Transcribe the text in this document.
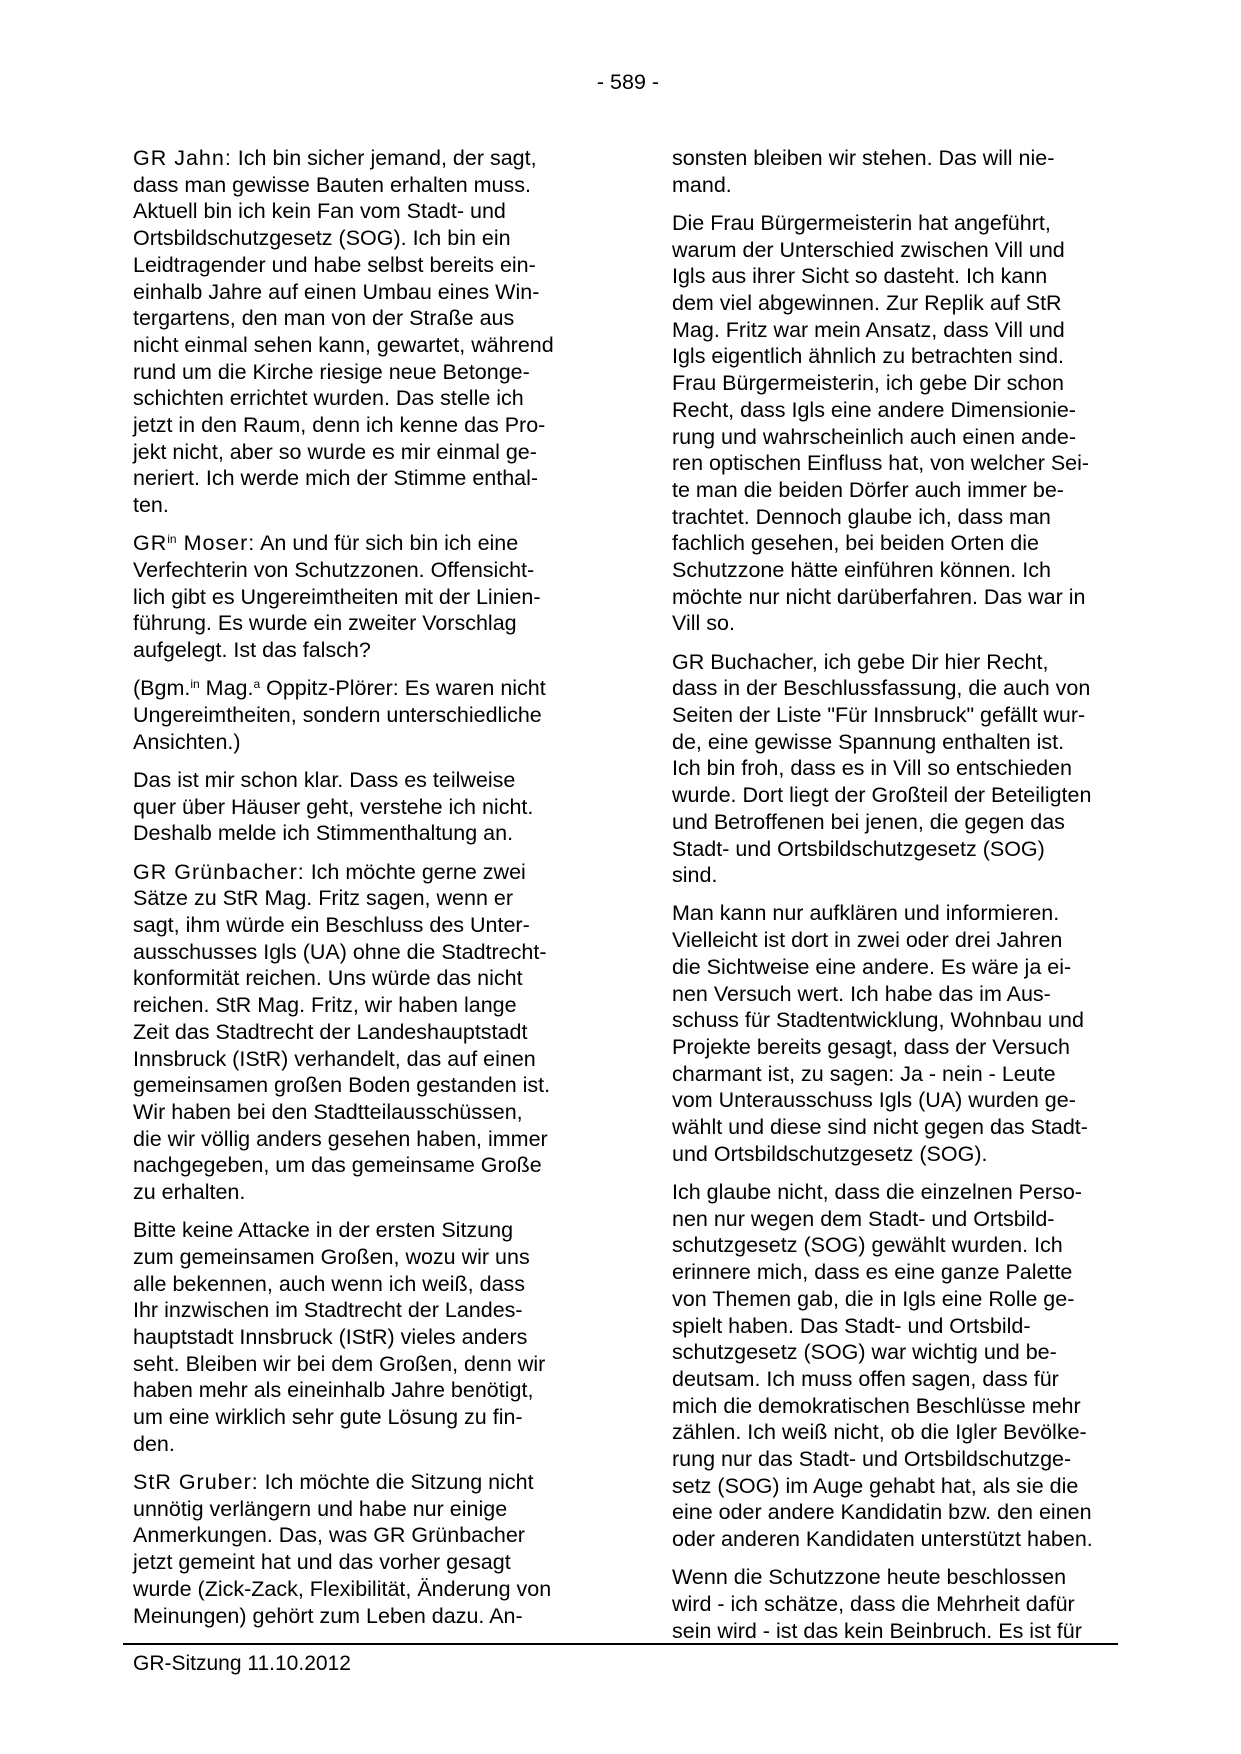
- 589 -

GR Jahn: Ich bin sicher jemand, der sagt,
dass man gewisse Bauten erhalten muss.
Aktuell bin ich kein Fan vom Stadt- und
Ortsbildschutzgesetz (SOG). Ich bin ein
Leidtragender und habe selbst bereits ein-
einhalb Jahre auf einen Umbau eines Win-
tergartens, den man von der Straße aus
nicht einmal sehen kann, gewartet, während
rund um die Kirche riesige neue Betonge-
schichten errichtet wurden. Das stelle ich
jetzt in den Raum, denn ich kenne das Pro-
jekt nicht, aber so wurde es mir einmal ge-
neriert. Ich werde mich der Stimme enthal-
ten.

$GR^{in}$ Moser: An und für sich bin ich eine
Verfechterin von Schutzzonen. Offensicht-
lich gibt es Ungereimtheiten mit der Linien-
führung. Es wurde ein zweiter Vorschlag
aufgelegt. Ist das falsch?

(Bgm.$^{in}$ Mag.$^a$ Oppitz-Plörer: Es waren nicht
Ungereimtheiten, sondern unterschiedliche
Ansichten.)

Das ist mir schon klar. Dass es teilweise
quer über Häuser geht, verstehe ich nicht.
Deshalb melde ich Stimmenthaltung an.

GR Grünbacher: Ich möchte gerne zwei
Sätze zu StR Mag. Fritz sagen, wenn er
sagt, ihm würde ein Beschluss des Unter-
ausschusses Igls (UA) ohne die Stadtrecht-
konformität reichen. Uns würde das nicht
reichen. StR Mag. Fritz, wir haben lange
Zeit das Stadtrecht der Landeshauptstadt
Innsbruck (IStR) verhandelt, das auf einen
gemeinsamen großen Boden gestanden ist.
Wir haben bei den Stadtteilausschüssen,
die wir völlig anders gesehen haben, immer
nachgegeben, um das gemeinsame Große
zu erhalten.

Bitte keine Attacke in der ersten Sitzung
zum gemeinsamen Großen, wozu wir uns
alle bekennen, auch wenn ich weiß, dass
Ihr inzwischen im Stadtrecht der Landes-
hauptstadt Innsbruck (IStR) vieles anders
seht. Bleiben wir bei dem Großen, denn wir
haben mehr als eineinhalb Jahre benötigt,
um eine wirklich sehr gute Lösung zu fin-
den.

StR Gruber: Ich möchte die Sitzung nicht
unnötig verlängern und habe nur einige
Anmerkungen. Das, was GR Grünbacher
jetzt gemeint hat und das vorher gesagt
wurde (Zick-Zack, Flexibilität, Änderung von
Meinungen) gehört zum Leben dazu. An-

sonsten bleiben wir stehen. Das will nie-
mand.

Die Frau Bürgermeisterin hat angeführt,
warum der Unterschied zwischen Vill und
Igls aus ihrer Sicht so dasteht. Ich kann
dem viel abgewinnen. Zur Replik auf StR
Mag. Fritz war mein Ansatz, dass Vill und
Igls eigentlich ähnlich zu betrachten sind.
Frau Bürgermeisterin, ich gebe Dir schon
Recht, dass Igls eine andere Dimensionie-
rung und wahrscheinlich auch einen ande-
ren optischen Einfluss hat, von welcher Sei-
te man die beiden Dörfer auch immer be-
trachtet. Dennoch glaube ich, dass man
fachlich gesehen, bei beiden Orten die
Schutzzone hätte einführen können. Ich
möchte nur nicht darüberfahren. Das war in
Vill so.

GR Buchacher, ich gebe Dir hier Recht,
dass in der Beschlussfassung, die auch von
Seiten der Liste "Für Innsbruck" gefällt wur-
de, eine gewisse Spannung enthalten ist.
Ich bin froh, dass es in Vill so entschieden
wurde. Dort liegt der Großteil der Beteiligten
und Betroffenen bei jenen, die gegen das
Stadt- und Ortsbildschutzgesetz (SOG)
sind.

Man kann nur aufklären und informieren.
Vielleicht ist dort in zwei oder drei Jahren
die Sichtweise eine andere. Es wäre ja ei-
nen Versuch wert. Ich habe das im Aus-
schuss für Stadtentwicklung, Wohnbau und
Projekte bereits gesagt, dass der Versuch
charmant ist, zu sagen: Ja - nein - Leute
vom Unterausschuss Igls (UA) wurden ge-
wählt und diese sind nicht gegen das Stadt-
und Ortsbildschutzgesetz (SOG).

Ich glaube nicht, dass die einzelnen Perso-
nen nur wegen dem Stadt- und Ortsbild-
schutzgesetz (SOG) gewählt wurden. Ich
erinnere mich, dass es eine ganze Palette
von Themen gab, die in Igls eine Rolle ge-
spielt haben. Das Stadt- und Ortsbild-
schutzgesetz (SOG) war wichtig und be-
deutsam. Ich muss offen sagen, dass für
mich die demokratischen Beschlüsse mehr
zählen. Ich weiß nicht, ob die Igler Bevölke-
rung nur das Stadt- und Ortsbildschutzge-
setz (SOG) im Auge gehabt hat, als sie die
eine oder andere Kandidatin bzw. den einen
oder anderen Kandidaten unterstützt haben.

Wenn die Schutzzone heute beschlossen
wird - ich schätze, dass die Mehrheit dafür
sein wird - ist das kein Beinbruch. Es ist für

GR-Sitzung 11.10.2012
